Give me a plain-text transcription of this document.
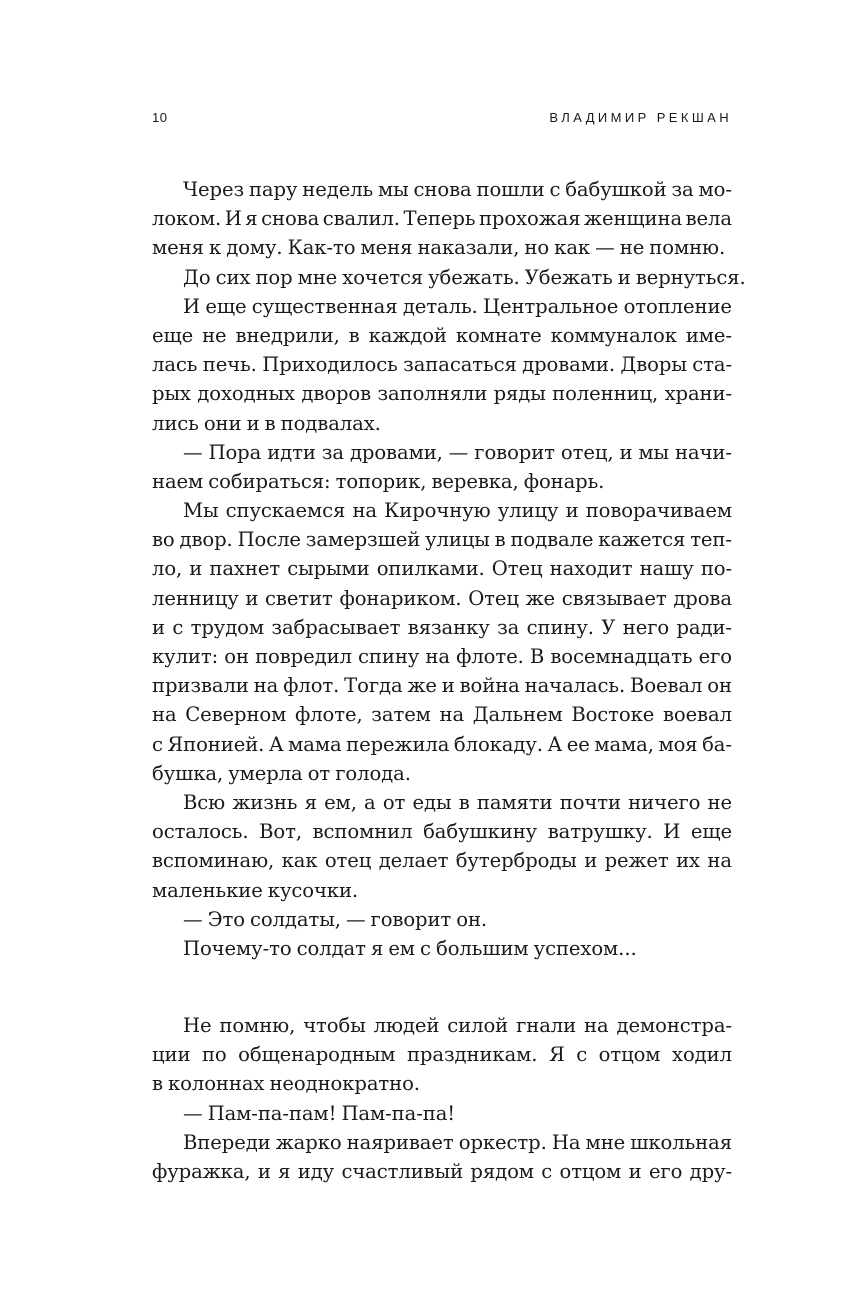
10	ВЛАДИМИР РЕКШАН
Через пару недель мы снова пошли с бабушкой за мо-
локом. И я снова свалил. Теперь прохожая женщина вела
меня к дому. Как-то меня наказали, но как — не помню.
До сих пор мне хочется убежать. Убежать и вернуться.
И еще существенная деталь. Центральное отопление
еще не внедрили, в каждой комнате коммуналок име-
лась печь. Приходилось запасаться дровами. Дворы ста-
рых доходных дворов заполняли ряды поленниц, храни-
лись они и в подвалах.
— Пора идти за дровами, — говорит отец, и мы начи-
наем собираться: топорик, веревка, фонарь.
Мы спускаемся на Кирочную улицу и поворачиваем
во двор. После замерзшей улицы в подвале кажется теп-
ло, и пахнет сырыми опилками. Отец находит нашу по-
ленницу и светит фонариком. Отец же связывает дрова
и с трудом забрасывает вязанку за спину. У него ради-
кулит: он повредил спину на флоте. В восемнадцать его
призвали на флот. Тогда же и война началась. Воевал он
на Северном флоте, затем на Дальнем Востоке воевал
с Японией. А мама пережила блокаду. А ее мама, моя ба-
бушка, умерла от голода.
Всю жизнь я ем, а от еды в памяти почти ничего не
осталось. Вот, вспомнил бабушкину ватрушку. И еще
вспоминаю, как отец делает бутерброды и режет их на
маленькие кусочки.
— Это солдаты, — говорит он.
Почему-то солдат я ем с большим успехом...
Не помню, чтобы людей силой гнали на демонстра-
ции по общенародным праздникам. Я с отцом ходил
в колоннах неоднократно.
— Пам-па-пам! Пам-па-па!
Впереди жарко наяривает оркестр. На мне школьная
фуражка, и я иду счастливый рядом с отцом и его дру-
